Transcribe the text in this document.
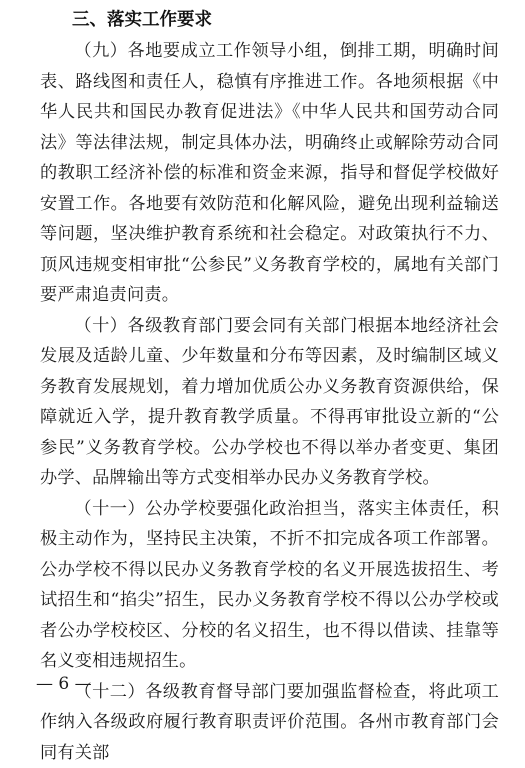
三、落实工作要求

（九）各地要成立工作领导小组，倒排工期，明确时间表、路线图和责任人，稳慎有序推进工作。各地须根据《中华人民共和国民办教育促进法》《中华人民共和国劳动合同法》等法律法规，制定具体办法，明确终止或解除劳动合同的教职工经济补偿的标准和资金来源，指导和督促学校做好安置工作。各地要有效防范和化解风险，避免出现利益输送等问题，坚决维护教育系统和社会稳定。对政策执行不力、顶风违规变相审批“公参民”义务教育学校的，属地有关部门要严肃追责问责。

（十）各级教育部门要会同有关部门根据本地经济社会发展及适龄儿童、少年数量和分布等因素，及时编制区域义务教育发展规划，着力增加优质公办义务教育资源供给，保障就近入学，提升教育教学质量。不得再审批设立新的“公参民”义务教育学校。公办学校也不得以举办者变更、集团办学、品牌输出等方式变相举办民办义务教育学校。

（十一）公办学校要强化政治担当，落实主体责任，积极主动作为，坚持民主决策，不折不扣完成各项工作部署。公办学校不得以民办义务教育学校的名义开展选拔招生、考试招生和“掐尖”招生，民办义务教育学校不得以公办学校或者公办学校校区、分校的名义招生，也不得以借读、挂靠等名义变相违规招生。

（十二）各级教育督导部门要加强监督检查，将此项工作纳入各级政府履行教育职责评价范围。各州市教育部门会同有关部

— 6 —
